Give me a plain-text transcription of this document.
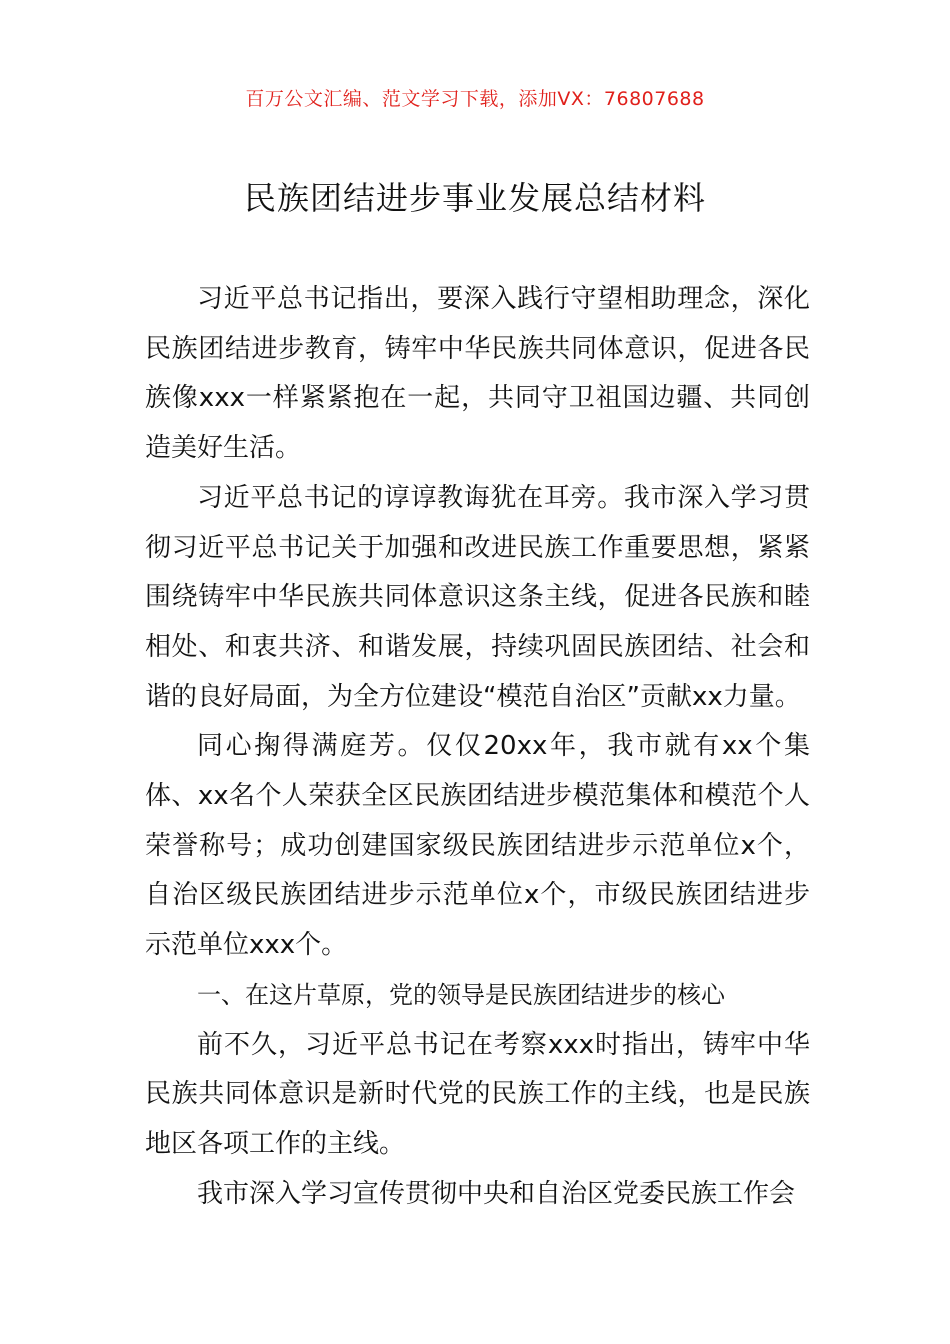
百万公文汇编、范文学习下载，添加VX：76807688
民族团结进步事业发展总结材料

习近平总书记指出，要深入践行守望相助理念，深化民族团结进步教育，铸牢中华民族共同体意识，促进各民族像xxx一样紧紧抱在一起，共同守卫祖国边疆、共同创造美好生活。

习近平总书记的谆谆教诲犹在耳旁。我市深入学习贯彻习近平总书记关于加强和改进民族工作重要思想，紧紧围绕铸牢中华民族共同体意识这条主线，促进各民族和睦相处、和衷共济、和谐发展，持续巩固民族团结、社会和谐的良好局面，为全方位建设“模范自治区”贡献xx力量。

同心掬得满庭芳。仅仅20xx年，我市就有xx个集体、xx名个人荣获全区民族团结进步模范集体和模范个人荣誉称号；成功创建国家级民族团结进步示范单位x个，自治区级民族团结进步示范单位x个，市级民族团结进步示范单位xxx个。

一、在这片草原，党的领导是民族团结进步的核心

前不久，习近平总书记在考察xxx时指出，铸牢中华民族共同体意识是新时代党的民族工作的主线，也是民族地区各项工作的主线。

我市深入学习宣传贯彻中央和自治区党委民族工作会
